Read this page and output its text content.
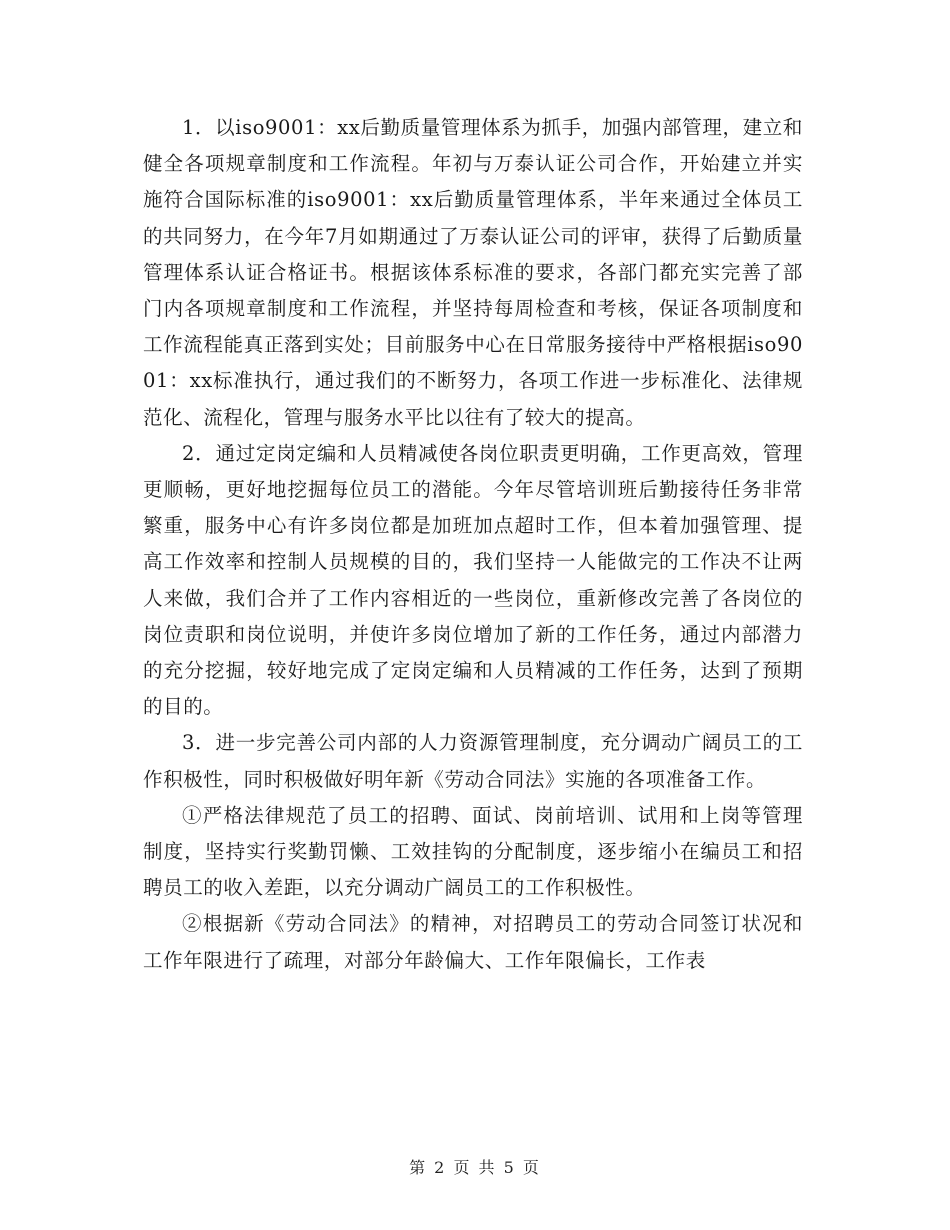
1．以iso9001：xx后勤质量管理体系为抓手，加强内部管理，建立和健全各项规章制度和工作流程。年初与万泰认证公司合作，开始建立并实施符合国际标准的iso9001：xx后勤质量管理体系，半年来通过全体员工的共同努力，在今年7月如期通过了万泰认证公司的评审，获得了后勤质量管理体系认证合格证书。根据该体系标准的要求，各部门都充实完善了部门内各项规章制度和工作流程，并坚持每周检查和考核，保证各项制度和工作流程能真正落到实处；目前服务中心在日常服务接待中严格根据iso9001：xx标准执行，通过我们的不断努力，各项工作进一步标准化、法律规范化、流程化，管理与服务水平比以往有了较大的提高。

2．通过定岗定编和人员精减使各岗位职责更明确，工作更高效，管理更顺畅，更好地挖掘每位员工的潜能。今年尽管培训班后勤接待任务非常繁重，服务中心有许多岗位都是加班加点超时工作，但本着加强管理、提高工作效率和控制人员规模的目的，我们坚持一人能做完的工作决不让两人来做，我们合并了工作内容相近的一些岗位，重新修改完善了各岗位的岗位责职和岗位说明，并使许多岗位增加了新的工作任务，通过内部潜力的充分挖掘，较好地完成了定岗定编和人员精减的工作任务，达到了预期的目的。

3．进一步完善公司内部的人力资源管理制度，充分调动广阔员工的工作积极性，同时积极做好明年新《劳动合同法》实施的各项准备工作。

①严格法律规范了员工的招聘、面试、岗前培训、试用和上岗等管理制度，坚持实行奖勤罚懒、工效挂钩的分配制度，逐步缩小在编员工和招聘员工的收入差距，以充分调动广阔员工的工作积极性。

②根据新《劳动合同法》的精神，对招聘员工的劳动合同签订状况和工作年限进行了疏理，对部分年龄偏大、工作年限偏长，工作表

第 2 页 共 5 页
